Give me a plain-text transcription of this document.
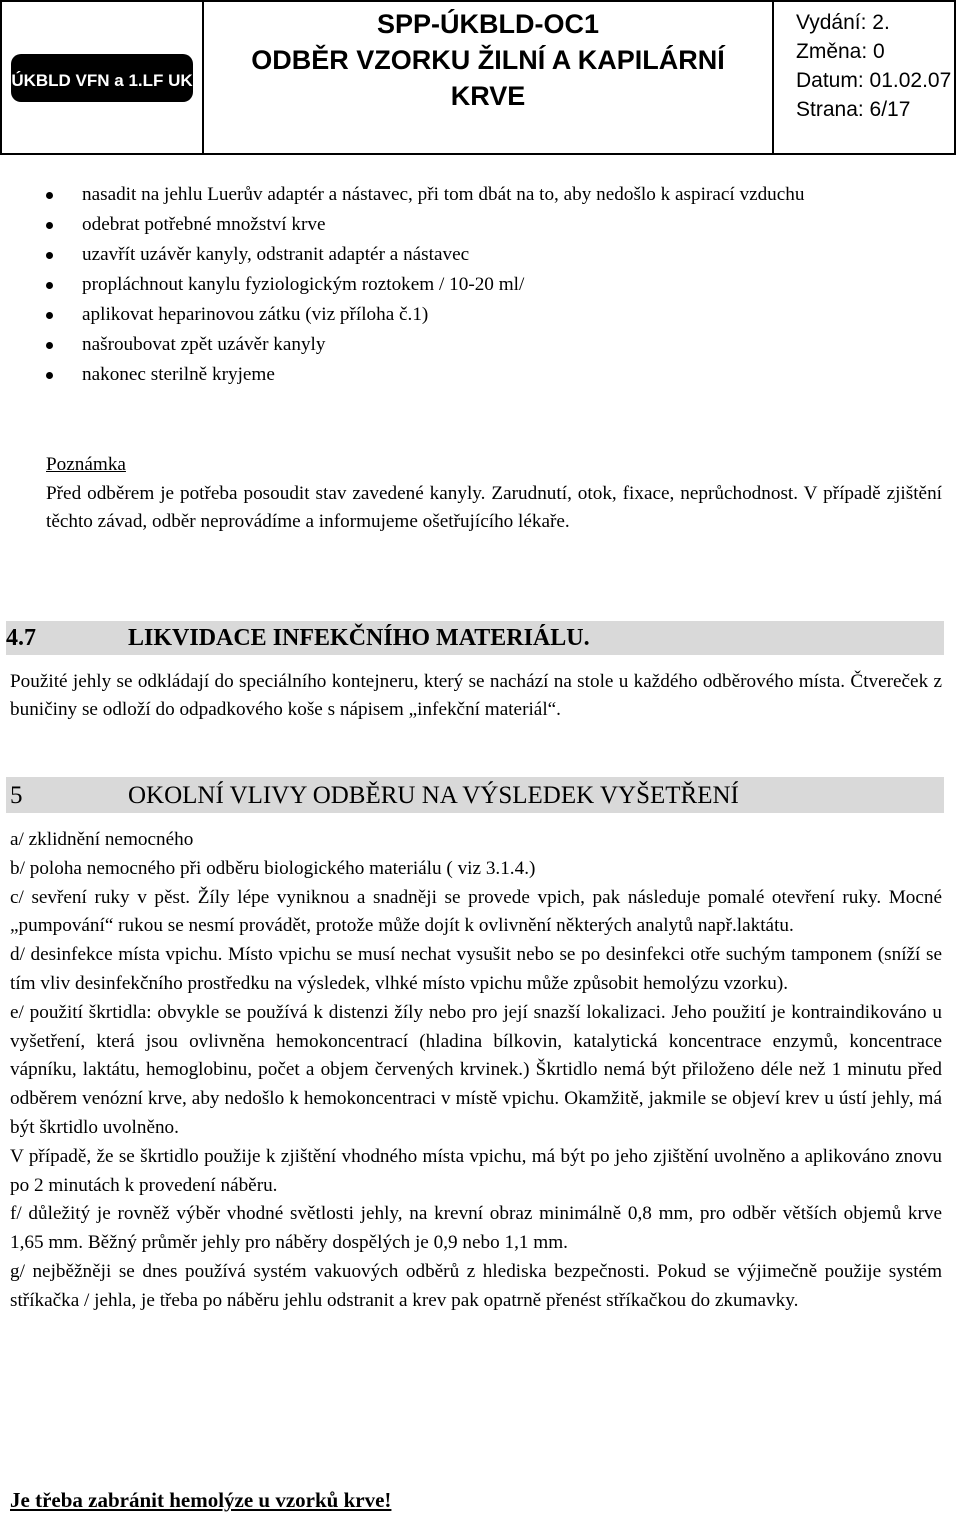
ÚKBLD VFN a 1.LF UK
SPP-ÚKBLD-OC1
ODBĚR VZORKU ŽILNÍ A KAPILÁRNÍ
KRVE
Vydání: 2.
Změna: 0
Datum: 01.02.07
Strana: 6/17
nasadit na jehlu Luerův adaptér a nástavec, při tom dbát na to, aby nedošlo k aspirací vzduchu
odebrat potřebné množství krve
uzavřít uzávěr kanyly, odstranit adaptér a nástavec
propláchnout kanylu fyziologickým roztokem / 10-20 ml/
aplikovat heparinovou zátku (viz příloha č.1)
našroubovat zpět uzávěr kanyly
nakonec sterilně kryjeme
Poznámka

Před odběrem je potřeba posoudit stav zavedené kanyly. Zarudnutí, otok, fixace, neprůchodnost. V případě zjištění těchto závad, odběr neprovádíme a informujeme ošetřujícího lékaře.

4.7	LIKVIDACE INFEKČNÍHO MATERIÁLU.

Použité jehly se odkládají do speciálního kontejneru, který se nachází na stole u každého odběrového místa. Čtvereček z buničiny se odloží do odpadkového koše s nápisem „infekční materiál“.

5	OKOLNÍ VLIVY ODBĚRU NA VÝSLEDEK VYŠETŘENÍ

a/ zklidnění nemocného

b/ poloha nemocného při odběru biologického materiálu ( viz 3.1.4.)

c/ sevření ruky v pěst. Žíly lépe vyniknou a snadněji se provede vpich, pak následuje pomalé otevření ruky. Mocné „pumpování“ rukou se nesmí provádět, protože může dojít k ovlivnění některých analytů např.laktátu.

d/ desinfekce místa vpichu. Místo vpichu se musí nechat vysušit nebo se po desinfekci otře suchým tamponem (sníží se tím vliv desinfekčního prostředku na výsledek, vlhké místo vpichu může způsobit hemolýzu vzorku).

e/ použití škrtidla: obvykle se používá k distenzi žíly nebo pro její snazší lokalizaci. Jeho použití je kontraindikováno u vyšetření, která jsou ovlivněna hemokoncentrací (hladina bílkovin, katalytická koncentrace enzymů, koncentrace vápníku, laktátu, hemoglobinu, počet a objem červených krvinek.) Škrtidlo nemá být přiloženo déle než 1 minutu před odběrem venózní krve, aby nedošlo k hemokoncentraci v místě vpichu. Okamžitě, jakmile se objeví krev u ústí jehly, má být škrtidlo uvolněno.

V případě, že se škrtidlo použije k zjištění vhodného místa vpichu, má být po jeho zjištění uvolněno a aplikováno znovu po 2 minutách k provedení náběru.

f/ důležitý je rovněž výběr vhodné světlosti jehly, na krevní obraz minimálně 0,8 mm, pro odběr větších objemů krve 1,65 mm. Běžný průměr jehly pro náběry dospělých je 0,9 nebo 1,1 mm.

g/ nejběžněji se dnes používá systém vakuových odběrů z hlediska bezpečnosti. Pokud se výjimečně použije systém stříkačka / jehla, je třeba po náběru jehlu odstranit a krev pak opatrně přenést stříkačkou do zkumavky.

Je třeba zabránit hemolýze u vzorků krve!
